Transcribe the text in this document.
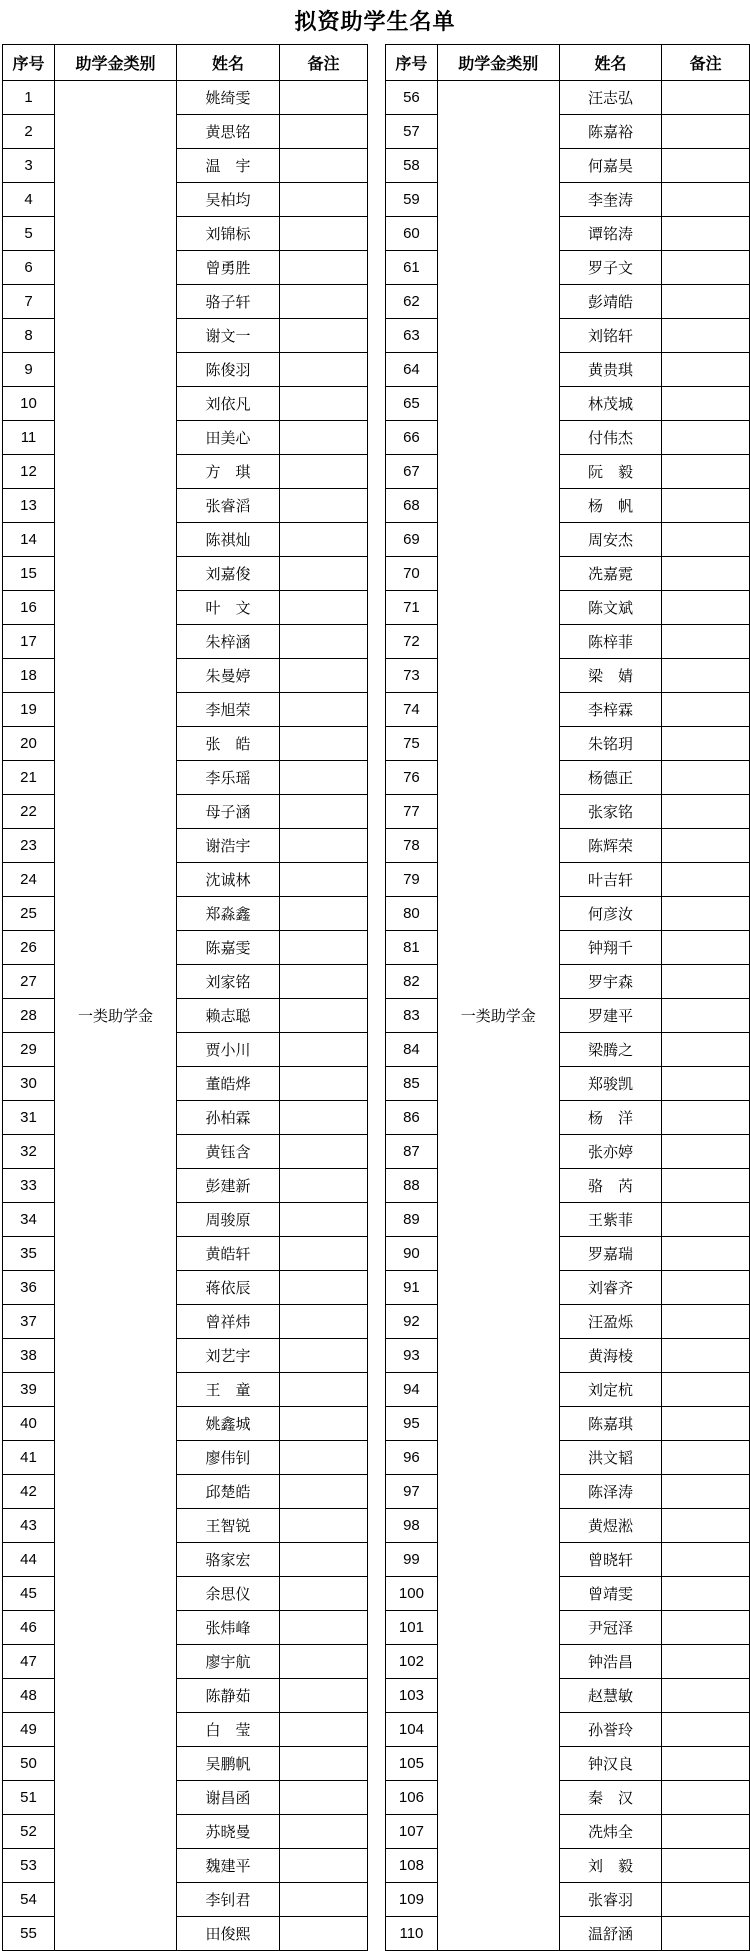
拟资助学生名单
序号	助学金类别	姓名	备注
1	一类助学金	姚绮雯	
2		黄思铭	
3		温　宇	
4		吴柏均	
5		刘锦标	
6		曾勇胜	
7		骆子轩	
8		谢文一	
9		陈俊羽	
10		刘依凡	
11		田美心	
12		方　琪	
13		张睿滔	
14		陈祺灿	
15		刘嘉俊	
16		叶　文	
17		朱梓涵	
18		朱曼婷	
19		李旭荣	
20		张　皓	
21		李乐瑶	
22		母子涵	
23		谢浩宇	
24		沈诚林	
25		郑淼鑫	
26		陈嘉雯	
27		刘家铭	
28		赖志聪	
29		贾小川	
30		董皓烨	
31		孙柏霖	
32		黄钰含	
33		彭建新	
34		周骏原	
35		黄皓轩	
36		蒋依辰	
37		曾祥炜	
38		刘艺宇	
39		王　童	
40		姚鑫城	
41		廖伟钊	
42		邱楚皓	
43		王智锐	
44		骆家宏	
45		余思仪	
46		张炜峰	
47		廖宇航	
48		陈静茹	
49		白　莹	
50		吴鹏帆	
51		谢昌函	
52		苏晓曼	
53		魏建平	
54		李钊君	
55		田俊熙	
序号	助学金类别	姓名	备注
56	一类助学金	汪志弘	
57		陈嘉裕	
58		何嘉昊	
59		李奎涛	
60		谭铭涛	
61		罗子文	
62		彭靖皓	
63		刘铭轩	
64		黄贵琪	
65		林茂城	
66		付伟杰	
67		阮　毅	
68		杨　帆	
69		周安杰	
70		冼嘉霓	
71		陈文斌	
72		陈梓菲	
73		梁　婧	
74		李梓霖	
75		朱铭玥	
76		杨德正	
77		张家铭	
78		陈辉荣	
79		叶吉轩	
80		何彦汝	
81		钟翔千	
82		罗宇森	
83		罗建平	
84		梁腾之	
85		郑骏凯	
86		杨　洋	
87		张亦婷	
88		骆　芮	
89		王紫菲	
90		罗嘉瑞	
91		刘睿齐	
92		汪盈烁	
93		黄海棱	
94		刘定杭	
95		陈嘉琪	
96		洪文韬	
97		陈泽涛	
98		黄煜淞	
99		曾晓轩	
100		曾靖雯	
101		尹冠泽	
102		钟浩昌	
103		赵慧敏	
104		孙誉玲	
105		钟汉良	
106		秦　汉	
107		冼炜全	
108		刘　毅	
109		张睿羽	
110		温舒涵	
